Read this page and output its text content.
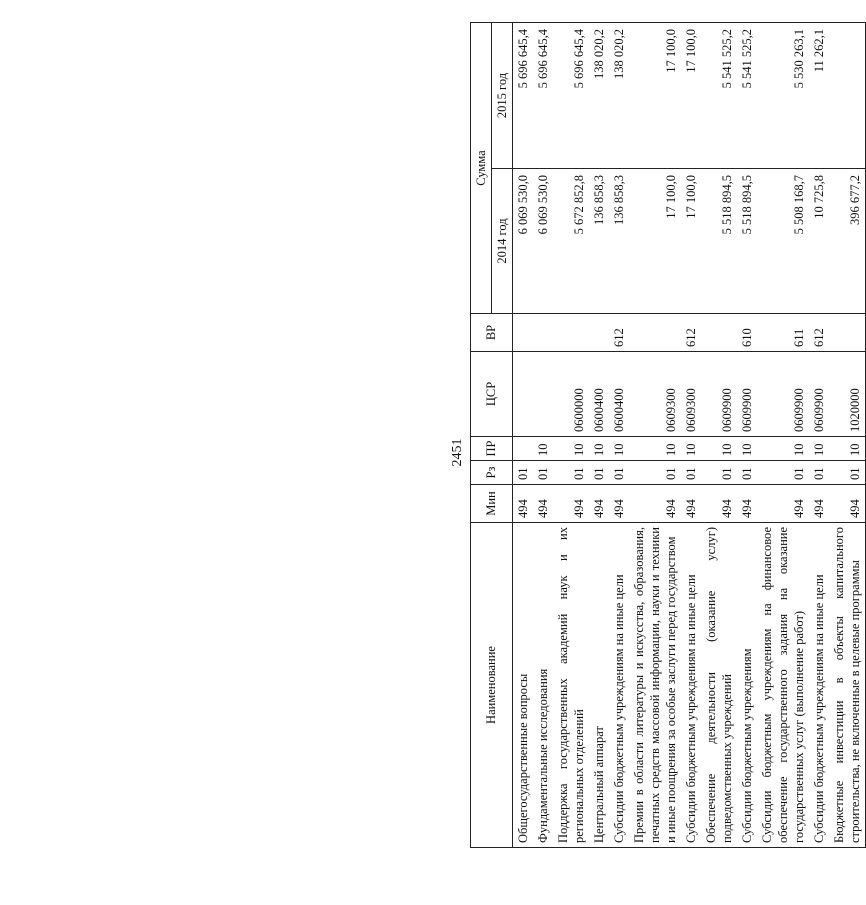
2451
Наименование	Мин	Рз	ПР	ЦСР	ВР	Сумма	
						2014 год	2015 год
Общегосударственные вопросы	494	01				6 069 530,0	5 696 645,4
Фундаментальные исследования	494	01	10			6 069 530,0	5 696 645,4
Поддержка государственных академий наук и их региональных отделений	494	01	10	0600000		5 672 852,8	5 696 645,4
Центральный аппарат	494	01	10	0600400		136 858,3	138 020,2
Субсидии бюджетным учреждениям на иные цели	494	01	10	0600400	612	136 858,3	138 020,2
Премии в области литературы и искусства, образования, печатных средств массовой информации, науки и техники и иные поощрения за особые заслуги перед государством	494	01	10	0609300		17 100,0	17 100,0
Субсидии бюджетным учреждениям на иные цели	494	01	10	0609300	612	17 100,0	17 100,0
Обеспечение деятельности (оказание услуг) подведомственных учреждений	494	01	10	0609900		5 518 894,5	5 541 525,2
Субсидии бюджетным учреждениям	494	01	10	0609900	610	5 518 894,5	5 541 525,2
Субсидии бюджетным учреждениям на финансовое обеспечение государственного задания на оказание государственных услуг (выполнение работ)	494	01	10	0609900	611	5 508 168,7	5 530 263,1
Субсидии бюджетным учреждениям на иные цели	494	01	10	0609900	612	10 725,8	11 262,1
Бюджетные инвестиции в объекты капитального строительства, не включенные в целевые программы	494	01	10	1020000		396 677,2	
